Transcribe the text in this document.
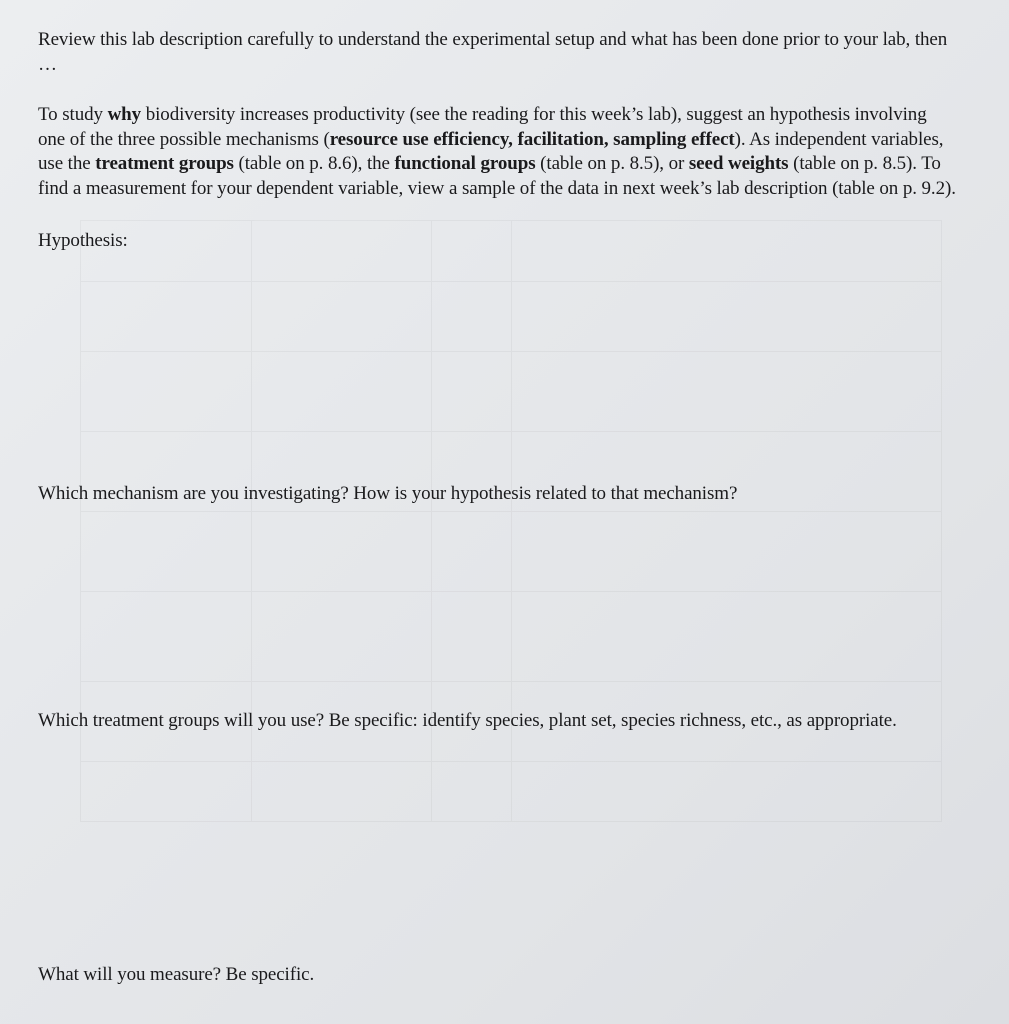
Review this lab description carefully to understand the experimental setup and what has been done prior to your lab, then …
To study why biodiversity increases productivity (see the reading for this week’s lab), suggest an hypothesis involving one of the three possible mechanisms (resource use efficiency, facilitation, sampling effect). As independent variables, use the treatment groups (table on p. 8.6), the functional groups (table on p. 8.5), or seed weights (table on p. 8.5). To find a measurement for your dependent variable, view a sample of the data in next week’s lab description (table on p. 9.2).
Hypothesis:
Which mechanism are you investigating? How is your hypothesis related to that mechanism?
Which treatment groups will you use? Be specific: identify species, plant set, species richness, etc., as appropriate.
What will you measure? Be specific.
